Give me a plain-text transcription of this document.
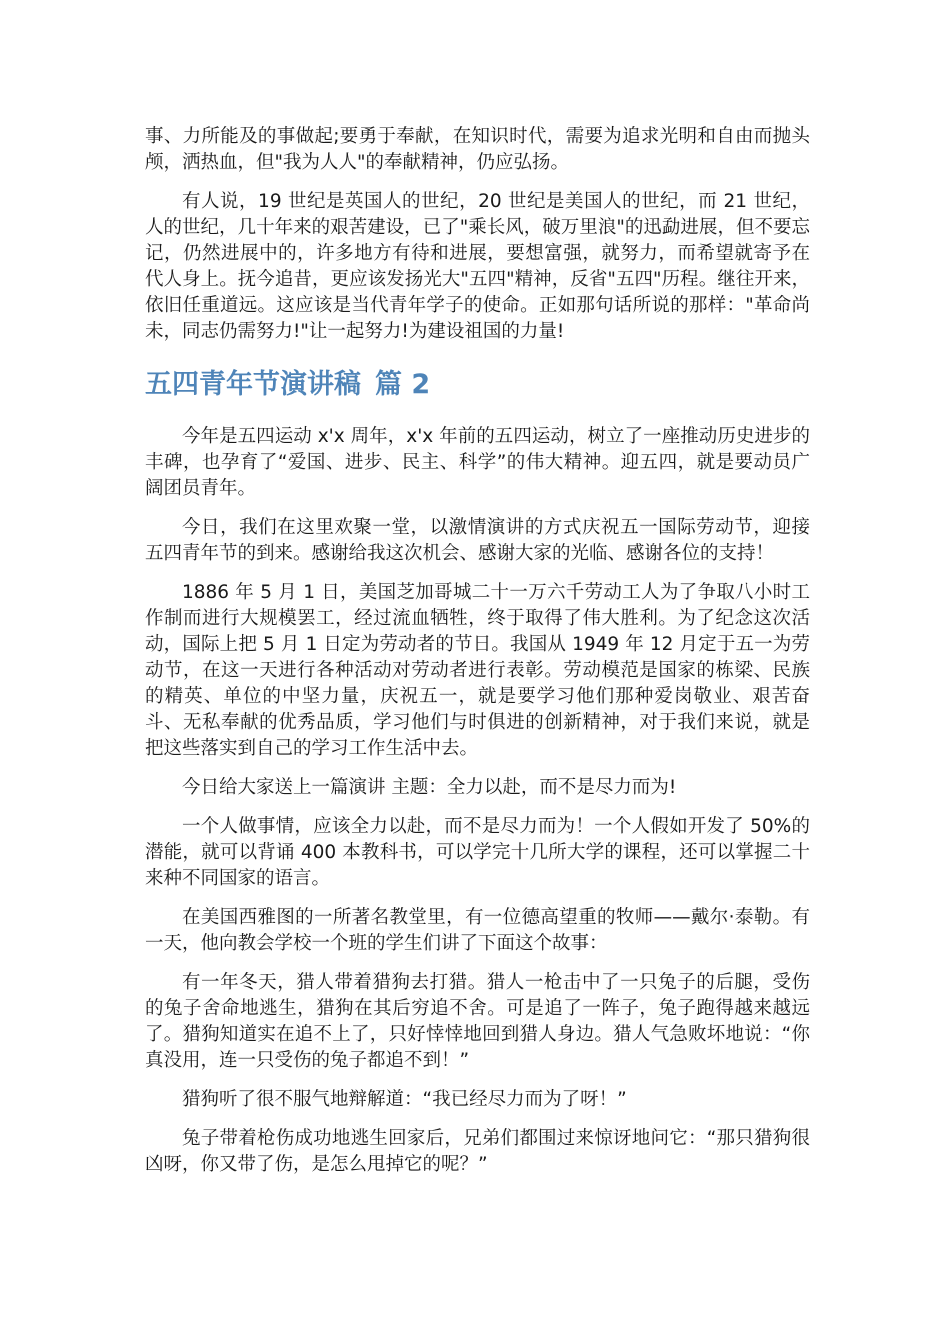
事、力所能及的事做起;要勇于奉献，在知识时代，需要为追求光明和自由而抛头颅，洒热血，但"我为人人"的奉献精神，仍应弘扬。

有人说，19 世纪是英国人的世纪，20 世纪是美国人的世纪，而 21 世纪，人的世纪，几十年来的艰苦建设，已了"乘长风，破万里浪"的迅勐进展，但不要忘记，仍然进展中的，许多地方有待和进展，要想富强，就努力，而希望就寄予在代人身上。抚今追昔，更应该发扬光大"五四"精神，反省"五四"历程。继往开来，依旧任重道远。这应该是当代青年学子的使命。正如那句话所说的那样："革命尚未，同志仍需努力!"让一起努力!为建设祖国的力量!

五四青年节演讲稿 篇 2

今年是五四运动 x'x 周年，x'x 年前的五四运动，树立了一座推动历史进步的丰碑，也孕育了“爱国、进步、民主、科学”的伟大精神。迎五四，就是要动员广阔团员青年。

今日，我们在这里欢聚一堂，以激情演讲的方式庆祝五一国际劳动节，迎接五四青年节的到来。感谢给我这次机会、感谢大家的光临、感谢各位的支持！

1886 年 5 月 1 日，美国芝加哥城二十一万六千劳动工人为了争取八小时工作制而进行大规模罢工，经过流血牺牲，终于取得了伟大胜利。为了纪念这次活动，国际上把 5 月 1 日定为劳动者的节日。我国从 1949 年 12 月定于五一为劳动节，在这一天进行各种活动对劳动者进行表彰。劳动模范是国家的栋梁、民族的精英、单位的中坚力量，庆祝五一，就是要学习他们那种爱岗敬业、艰苦奋斗、无私奉献的优秀品质，学习他们与时俱进的创新精神，对于我们来说，就是把这些落实到自己的学习工作生活中去。

今日给大家送上一篇演讲 主题：全力以赴，而不是尽力而为!

一个人做事情，应该全力以赴，而不是尽力而为！一个人假如开发了 50%的潜能，就可以背诵 400 本教科书，可以学完十几所大学的课程，还可以掌握二十来种不同国家的语言。

在美国西雅图的一所著名教堂里，有一位德高望重的牧师——戴尔·泰勒。有一天，他向教会学校一个班的学生们讲了下面这个故事：

有一年冬天，猎人带着猎狗去打猎。猎人一枪击中了一只兔子的后腿，受伤的兔子舍命地逃生，猎狗在其后穷追不舍。可是追了一阵子，兔子跑得越来越远了。猎狗知道实在追不上了，只好悻悻地回到猎人身边。猎人气急败坏地说：“你真没用，连一只受伤的兔子都追不到！”

猎狗听了很不服气地辩解道：“我已经尽力而为了呀！”

兔子带着枪伤成功地逃生回家后，兄弟们都围过来惊讶地问它：“那只猎狗很凶呀，你又带了伤，是怎么甩掉它的呢？”
